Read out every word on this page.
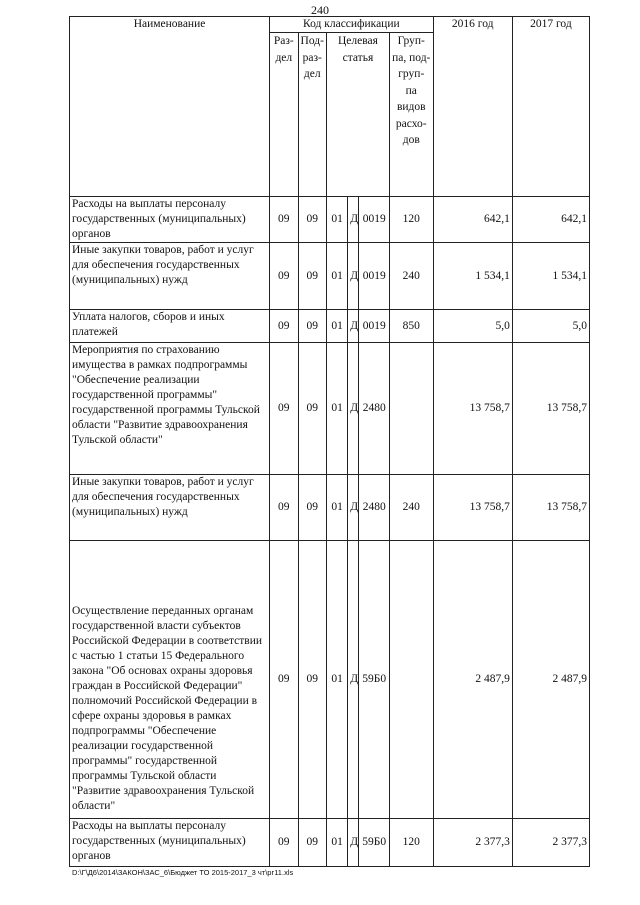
240
Наименование	Код классификации						2016 год	2017 год
	Раз- дел	Под- раз- дел	Целевая статья			Груп- па, под- груп- па видов расхо- дов		
Расходы на выплаты персоналу государственных (муниципальных) органов	09	09	01	Д	0019	120	642,1	642,1
Иные закупки товаров, работ и услуг для обеспечения государственных (муниципальных) нужд	09	09	01	Д	0019	240	1 534,1	1 534,1
Уплата налогов, сборов и иных платежей	09	09	01	Д	0019	850	5,0	5,0
Мероприятия по страхованию имущества в рамках подпрограммы "Обеспечение реализации государственной программы" государственной программы Тульской области "Развитие здравоохранения Тульской области"	09	09	01	Д	2480		13 758,7	13 758,7
Иные закупки товаров, работ и услуг для обеспечения государственных (муниципальных) нужд	09	09	01	Д	2480	240	13 758,7	13 758,7
Осуществление переданных органам государственной власти субъектов Российской Федерации в соответствии с частью 1 статьи 15 Федерального закона "Об основах охраны здоровья граждан в Российской Федерации" полномочий Российской Федерации в сфере охраны здоровья в рамках подпрограммы "Обеспечение реализации государственной программы" государственной программы Тульской области "Развитие здравоохранения Тульской области"	09	09	01	Д	59Б0		2 487,9	2 487,9
Расходы на выплаты персоналу государственных (муниципальных) органов	09	09	01	Д	59Б0	120	2 377,3	2 377,3
D:\Г\Д6\2014\ЗАКОН\ЗАС_6\Бюджет ТО 2015-2017_3 чт\рг11.xls
